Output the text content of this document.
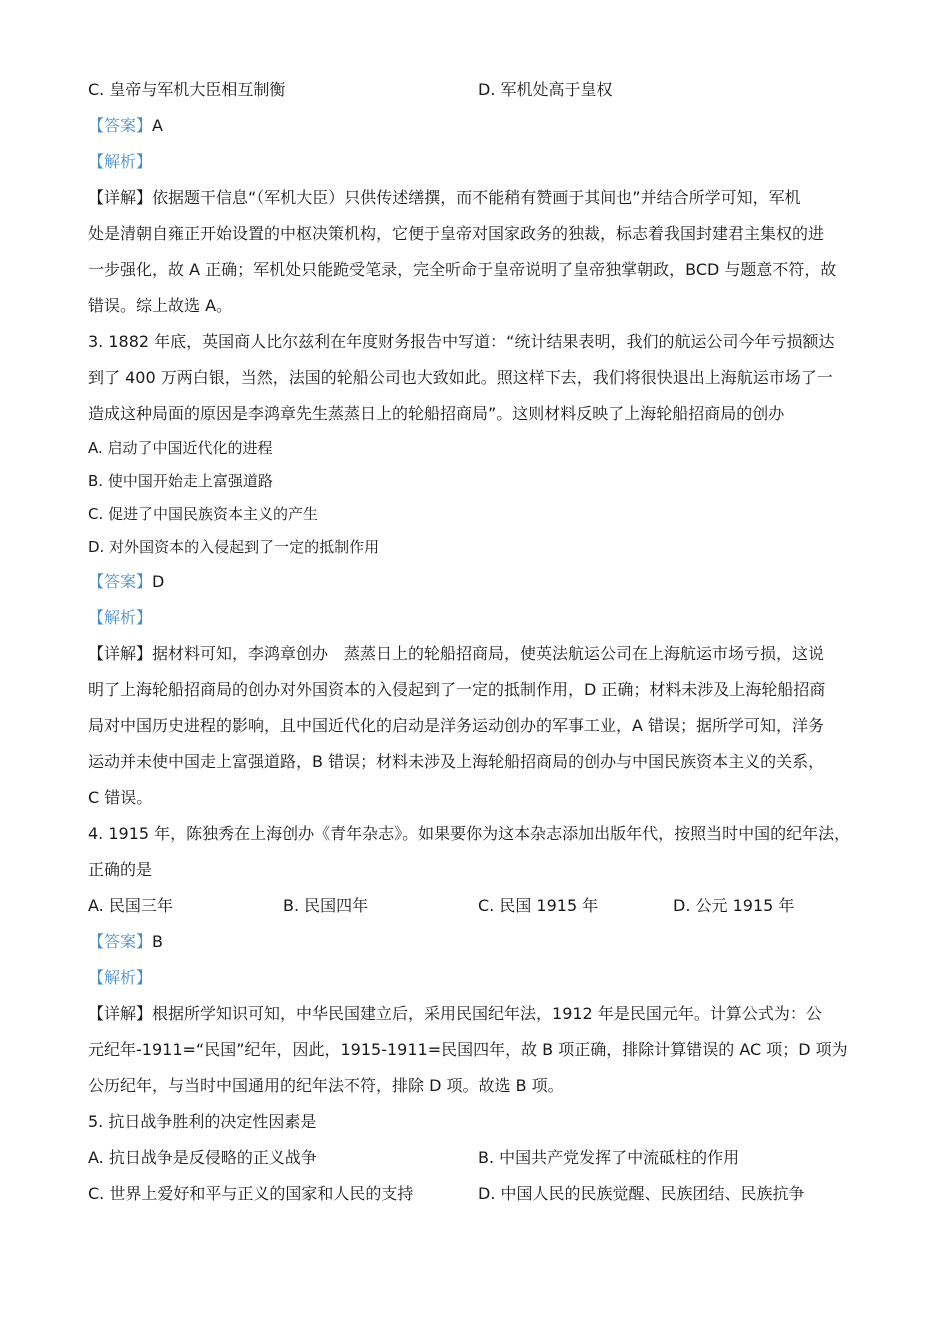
C. 皇帝与军机大臣相互制衡	D. 军机处高于皇权
【答案】A
【解析】
【详解】依据题干信息“（军机大臣）只供传述缮撰，而不能稍有赞画于其间也”并结合所学可知，军机
处是清朝自雍正开始设置的中枢决策机构，它便于皇帝对国家政务的独裁，标志着我国封建君主集权的进
一步强化，故 A 正确；军机处只能跪受笔录，完全听命于皇帝说明了皇帝独掌朝政，BCD 与题意不符，故
错误。综上故选 A。
3. 1882 年底，英国商人比尔兹利在年度财务报告中写道：“统计结果表明，我们的航运公司今年亏损额达
到了 400 万两白银，当然，法国的轮船公司也大致如此。照这样下去，我们将很快退出上海航运市场了一
造成这种局面的原因是李鸿章先生蒸蒸日上的轮船招商局”。这则材料反映了上海轮船招商局的创办
A. 启动了中国近代化的进程
B. 使中国开始走上富强道路
C. 促进了中国民族资本主义的产生
D. 对外国资本的入侵起到了一定的抵制作用
【答案】D
【解析】
【详解】据材料可知，李鸿章创办　蒸蒸日上的轮船招商局，使英法航运公司在上海航运市场亏损，这说
明了上海轮船招商局的创办对外国资本的入侵起到了一定的抵制作用，D 正确；材料未涉及上海轮船招商
局对中国历史进程的影响，且中国近代化的启动是洋务运动创办的军事工业，A 错误；据所学可知，洋务
运动并未使中国走上富强道路，B 错误；材料未涉及上海轮船招商局的创办与中国民族资本主义的关系，
C 错误。
4. 1915 年，陈独秀在上海创办《青年杂志》。如果要你为这本杂志添加出版年代，按照当时中国的纪年法，
正确的是
A. 民国三年	B. 民国四年	C. 民国 1915 年	D. 公元 1915 年
【答案】B
【解析】
【详解】根据所学知识可知，中华民国建立后，采用民国纪年法，1912 年是民国元年。计算公式为：公
元纪年-1911=“民国”纪年，因此，1915-1911=民国四年，故 B 项正确，排除计算错误的 AC 项；D 项为
公历纪年，与当时中国通用的纪年法不符，排除 D 项。故选 B 项。
5. 抗日战争胜利的决定性因素是
A. 抗日战争是反侵略的正义战争	B. 中国共产党发挥了中流砥柱的作用
C. 世界上爱好和平与正义的国家和人民的支持	D. 中国人民的民族觉醒、民族团结、民族抗争
